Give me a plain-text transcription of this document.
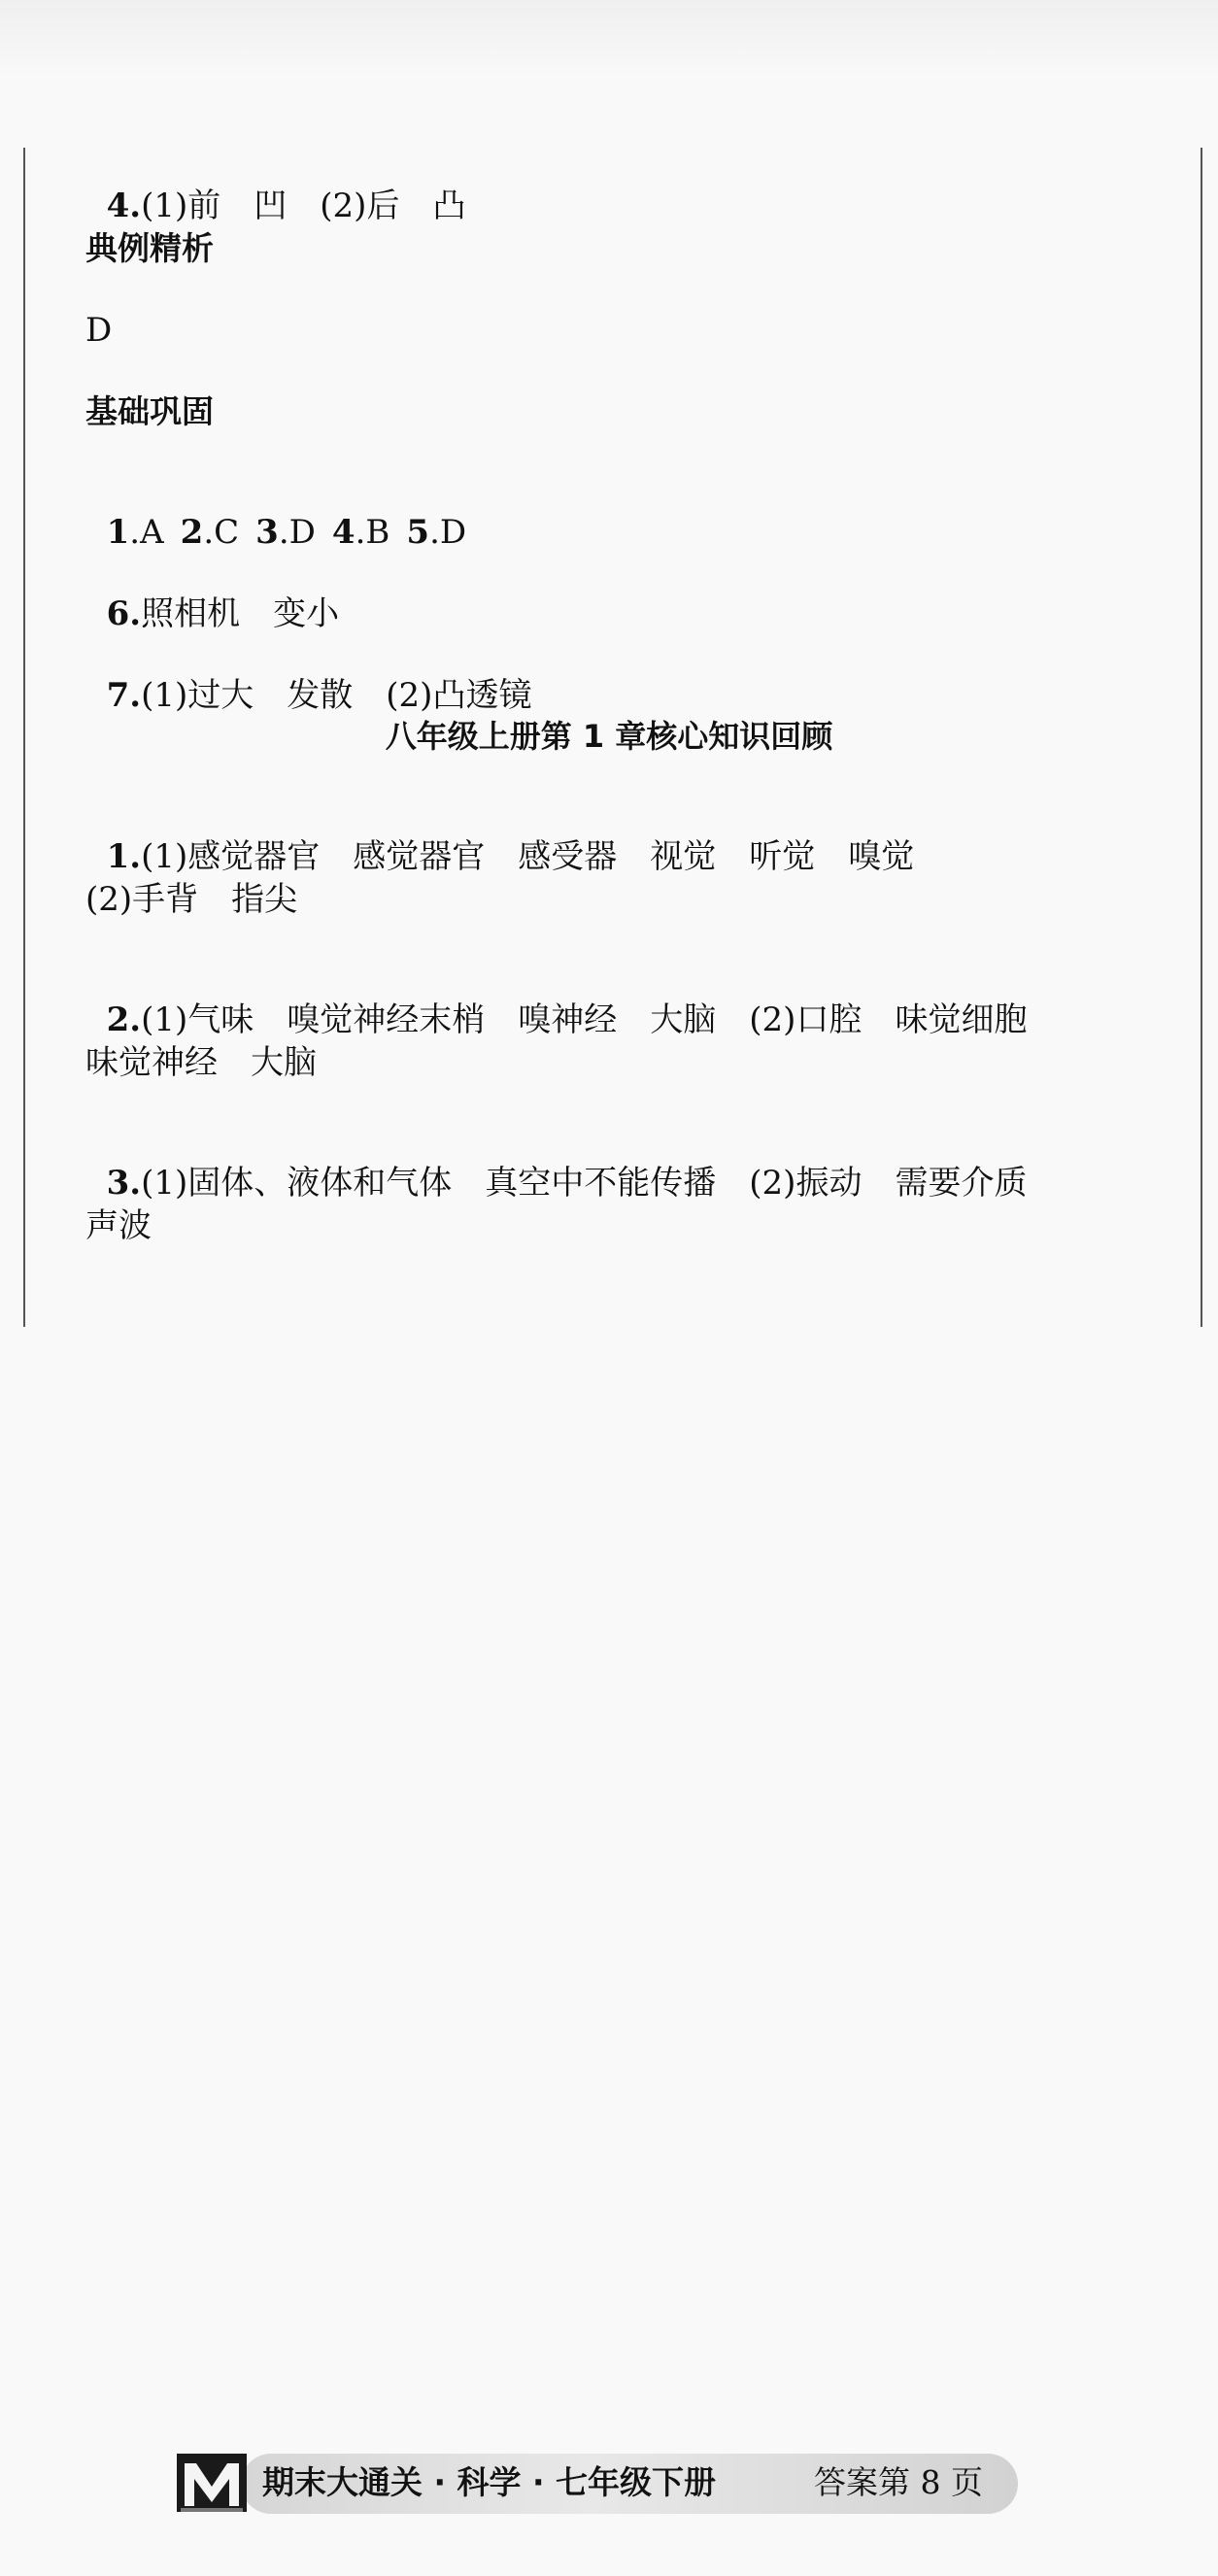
4.(1)前　凹　(2)后　凸

典例精析
D
基础巩固

1.A 2.C 3.D 4.B 5.D

6.照相机　变小

7.(1)过大　发散　(2)凸透镜

八年级上册第 1 章核心知识回顾

1.(1)感觉器官　感觉器官　感受器　视觉　听觉　嗅觉

(2)手背　指尖

2.(1)气味　嗅觉神经末梢　嗅神经　大脑　(2)口腔　味觉细胞

味觉神经　大脑

3.(1)固体、液体和气体　真空中不能传播　(2)振动　需要介质

声波
期末大通关 · 科学 · 七年级下册	答案第 8 页
